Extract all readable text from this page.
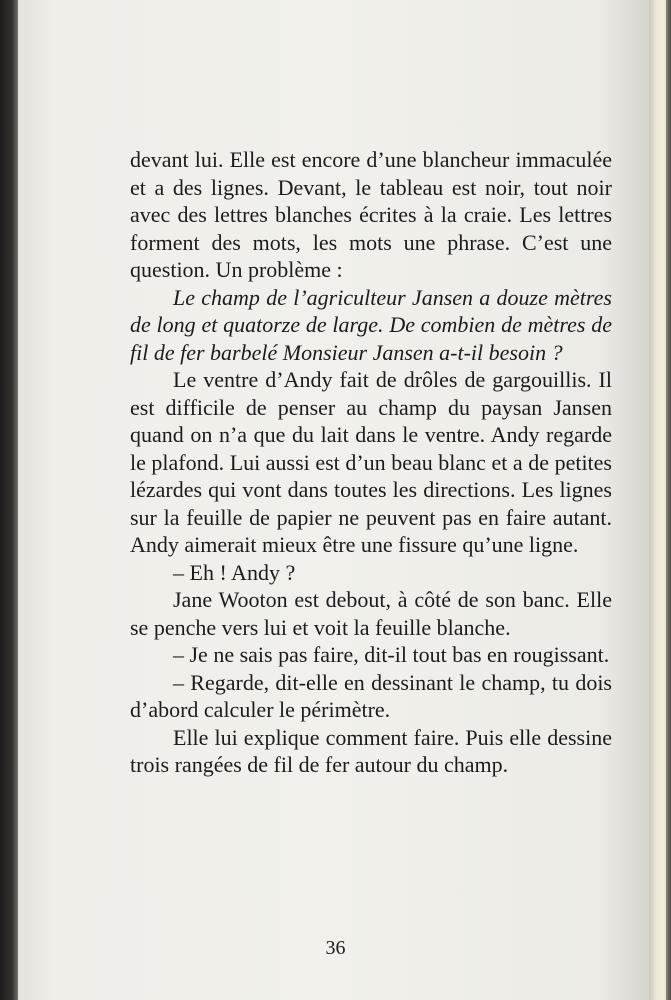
devant lui. Elle est encore d’une blancheur immaculée et a des lignes. Devant, le tableau est noir, tout noir avec des lettres blanches écrites à la craie. Les lettres forment des mots, les mots une phrase. C’est une question. Un problème :

Le champ de l’agriculteur Jansen a douze mètres de long et quatorze de large. De combien de mètres de fil de fer barbelé Monsieur Jansen a-t-il besoin ?

Le ventre d’Andy fait de drôles de gargouillis. Il est difficile de penser au champ du paysan Jansen quand on n’a que du lait dans le ventre. Andy regarde le plafond. Lui aussi est d’un beau blanc et a de petites lézardes qui vont dans toutes les directions. Les lignes sur la feuille de papier ne peuvent pas en faire autant. Andy aimerait mieux être une fissure qu’une ligne.

– Eh ! Andy ?

Jane Wooton est debout, à côté de son banc. Elle se penche vers lui et voit la feuille blanche.

– Je ne sais pas faire, dit-il tout bas en rougissant.

– Regarde, dit-elle en dessinant le champ, tu dois d’abord calculer le périmètre.

Elle lui explique comment faire. Puis elle dessine trois rangées de fil de fer autour du champ.

36
